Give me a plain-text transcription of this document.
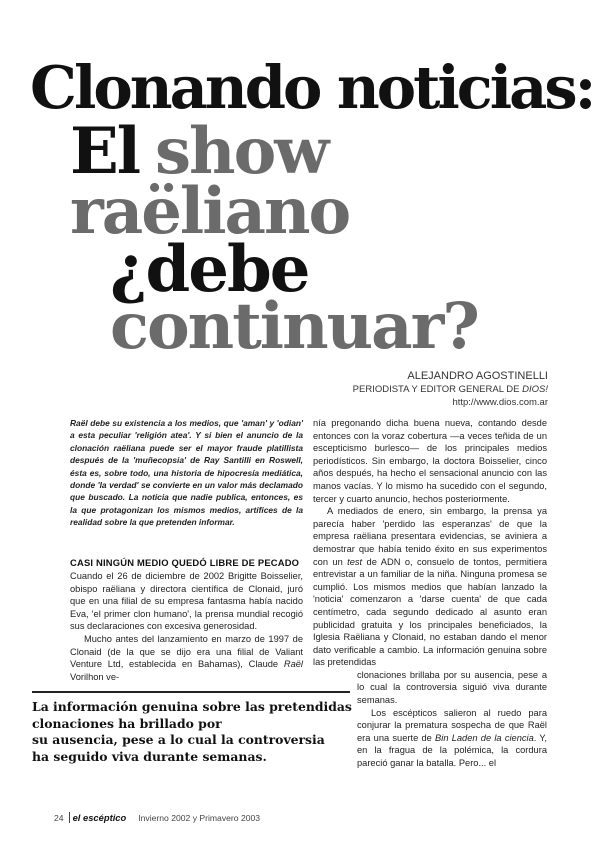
Clonando noticias:
El show
raëliano
¿debe
continuar?
ALEJANDRO AGOSTINELLI
PERIODISTA Y EDITOR GENERAL DE DIOS!
http://www.dios.com.ar

Raël debe su existencia a los medios, que 'aman' y 'odian' a esta peculiar 'religión atea'. Y si bien el anuncio de la clonación raëliana puede ser el mayor fraude platillista después de la 'muñecopsia' de Ray Santilli en Roswell, ésta es, sobre todo, una historia de hipocresía mediática, donde 'la verdad' se convierte en un valor más declamado que buscado. La noticia que nadie publica, entonces, es la que protagonizan los mismos medios, artífices de la realidad sobre la que pretenden informar.

CASI NINGÚN MEDIO QUEDÓ LIBRE DE PECADO

Cuando el 26 de diciembre de 2002 Brigitte Boisselier, obispo raëliana y directora científica de Clonaid, juró que en una filial de su empresa fantasma había nacido Eva, 'el primer clon humano', la prensa mundial recogió sus declaraciones con excesiva generosidad.

Mucho antes del lanzamiento en marzo de 1997 de Clonaid (de la que se dijo era una filial de Valiant Venture Ltd, establecida en Bahamas), Claude Raël Vorilhon ve-

nía pregonando dicha buena nueva, contando desde entonces con la voraz cobertura —a veces teñida de un escepticismo burlesco— de los principales medios periodísticos. Sin embargo, la doctora Boisselier, cinco años después, ha hecho el sensacional anuncio con las manos vacías. Y lo mismo ha sucedido con el segundo, tercer y cuarto anuncio, hechos posteriormente.

A mediados de enero, sin embargo, la prensa ya parecía haber 'perdido las esperanzas' de que la empresa raëliana presentara evidencias, se aviniera a demostrar que había tenido éxito en sus experimentos con un test de ADN o, consuelo de tontos, permitiera entrevistar a un familiar de la niña. Ninguna promesa se cumplió. Los mismos medios que habían lanzado la 'noticia' comenzaron a 'darse cuenta' de que cada centímetro, cada segundo dedicado al asunto eran publicidad gratuita y los principales beneficiados, la Iglesia Raëliana y Clonaid, no estaban dando el menor dato verificable a cambio. La información genuina sobre las pretendidas

clonaciones brillaba por su ausencia, pese a lo cual la controversia siguió viva durante semanas.

Los escépticos salieron al ruedo para conjurar la prematura sospecha de que Raël era una suerte de Bin Laden de la ciencia. Y, en la fragua de la polémica, la cordura pareció ganar la batalla. Pero... el

La información genuina sobre las pretendidas
clonaciones ha brillado por
su ausencia, pese a lo cual la controversia
ha seguido viva durante semanas.
24 el escéptico Invierno 2002 y Primavero 2003
